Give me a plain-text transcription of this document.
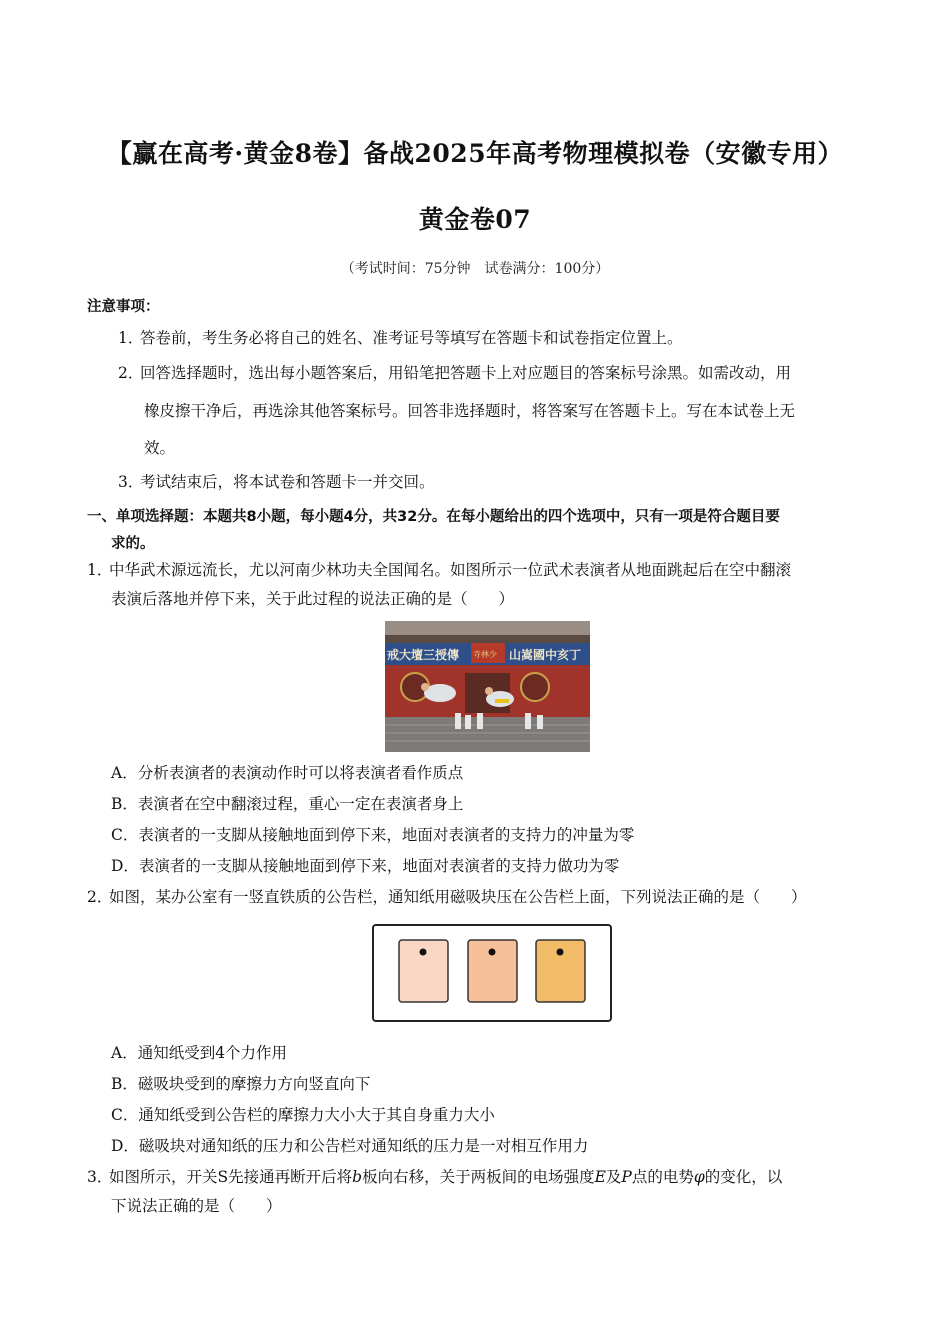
【赢在高考·黄金8卷】备战2025年高考物理模拟卷（安徽专用）
黄金卷07
（考试时间：75分钟　试卷满分：100分）
注意事项：
1．答卷前，考生务必将自己的姓名、准考证号等填写在答题卡和试卷指定位置上。
2．回答选择题时，选出每小题答案后，用铅笔把答题卡上对应题目的答案标号涂黑。如需改动，用
橡皮擦干净后，再选涂其他答案标号。回答非选择题时，将答案写在答题卡上。写在本试卷上无
效。
3．考试结束后，将本试卷和答题卡一并交回。
一、单项选择题：本题共8小题，每小题4分，共32分。在每小题给出的四个选项中，只有一项是符合题目要
求的。
1．中华武术源远流长，尤以河南少林功夫全国闻名。如图所示一位武术表演者从地面跳起后在空中翻滚
表演后落地并停下来，关于此过程的说法正确的是（　　）
戒大壇三授傳 寺林少 山嵩國中亥丁
A．分析表演者的表演动作时可以将表演者看作质点
B．表演者在空中翻滚过程，重心一定在表演者身上
C．表演者的一支脚从接触地面到停下来，地面对表演者的支持力的冲量为零
D．表演者的一支脚从接触地面到停下来，地面对表演者的支持力做功为零
2．如图，某办公室有一竖直铁质的公告栏，通知纸用磁吸块压在公告栏上面，下列说法正确的是（　　）
A．通知纸受到4个力作用
B．磁吸块受到的摩擦力方向竖直向下
C．通知纸受到公告栏的摩擦力大小大于其自身重力大小
D．磁吸块对通知纸的压力和公告栏对通知纸的压力是一对相互作用力
3．如图所示，开关S先接通再断开后将b板向右移，关于两板间的电场强度E及P点的电势φ的变化，以
下说法正确的是（　　）
